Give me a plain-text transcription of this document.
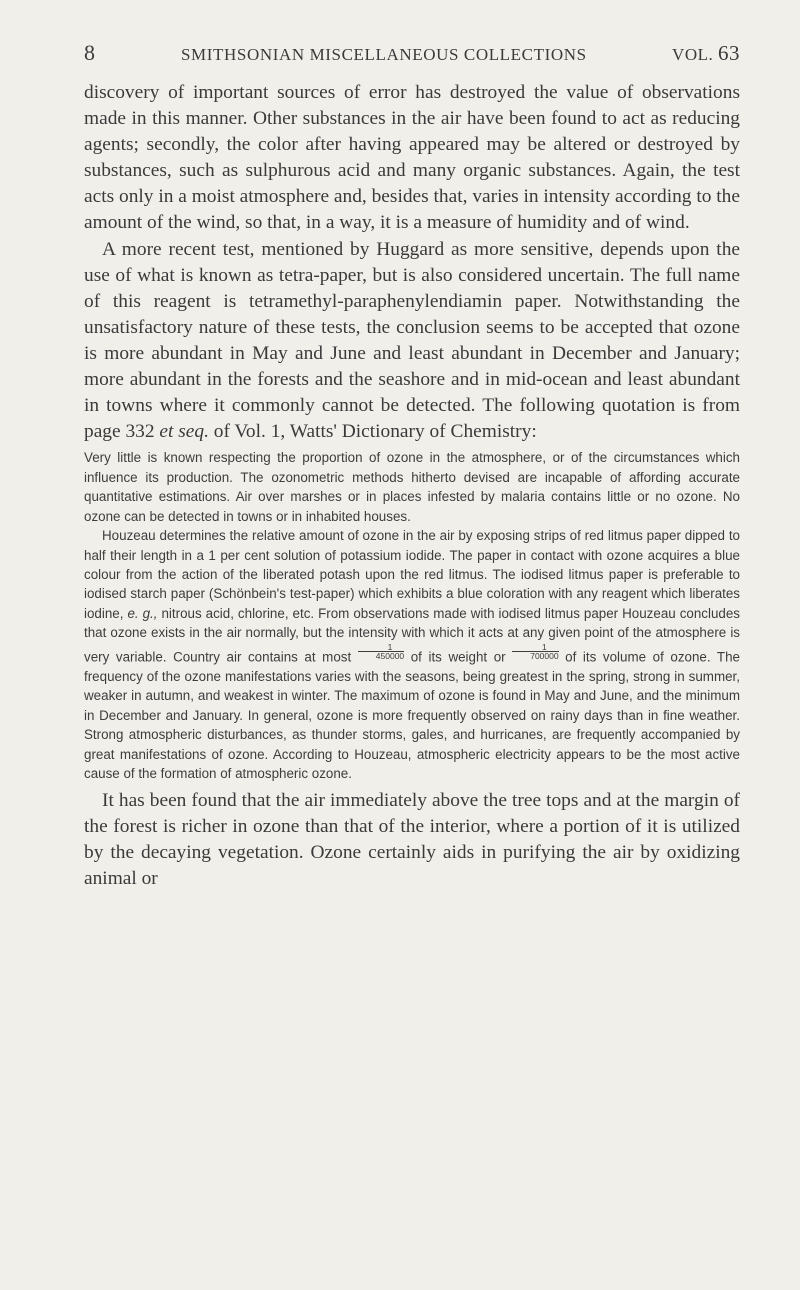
8	SMITHSONIAN MISCELLANEOUS COLLECTIONS	VOL. 63

discovery of important sources of error has destroyed the value of observations made in this manner. Other substances in the air have been found to act as reducing agents; secondly, the color after having appeared may be altered or destroyed by substances, such as sulphurous acid and many organic substances. Again, the test acts only in a moist atmosphere and, besides that, varies in intensity according to the amount of the wind, so that, in a way, it is a measure of humidity and of wind.

A more recent test, mentioned by Huggard as more sensitive, depends upon the use of what is known as tetra-paper, but is also considered uncertain. The full name of this reagent is tetramethyl-paraphenylendiamin paper. Notwithstanding the unsatisfactory nature of these tests, the conclusion seems to be accepted that ozone is more abundant in May and June and least abundant in December and January; more abundant in the forests and the seashore and in mid-ocean and least abundant in towns where it commonly cannot be detected. The following quotation is from page 332 et seq. of Vol. 1, Watts' Dictionary of Chemistry:

Very little is known respecting the proportion of ozone in the atmosphere, or of the circumstances which influence its production. The ozonometric methods hitherto devised are incapable of affording accurate quantitative estimations. Air over marshes or in places infested by malaria contains little or no ozone. No ozone can be detected in towns or in inhabited houses.

Houzeau determines the relative amount of ozone in the air by exposing strips of red litmus paper dipped to half their length in a 1 per cent solution of potassium iodide. The paper in contact with ozone acquires a blue colour from the action of the liberated potash upon the red litmus. The iodised litmus paper is preferable to iodised starch paper (Schönbein's test-paper) which exhibits a blue coloration with any reagent which liberates iodine, e. g., nitrous acid, chlorine, etc. From observations made with iodised litmus paper Houzeau concludes that ozone exists in the air normally, but the intensity with which it acts at any given point of the atmosphere is very variable. Country air contains at most $\frac{1}{450000}$ of its weight or $\frac{1}{700000}$ of its volume of ozone. The frequency of the ozone manifestations varies with the seasons, being greatest in the spring, strong in summer, weaker in autumn, and weakest in winter. The maximum of ozone is found in May and June, and the minimum in December and January. In general, ozone is more frequently observed on rainy days than in fine weather. Strong atmospheric disturbances, as thunder storms, gales, and hurricanes, are frequently accompanied by great manifestations of ozone. According to Houzeau, atmospheric electricity appears to be the most active cause of the formation of atmospheric ozone.

It has been found that the air immediately above the tree tops and at the margin of the forest is richer in ozone than that of the interior, where a portion of it is utilized by the decaying vegetation. Ozone certainly aids in purifying the air by oxidizing animal or
